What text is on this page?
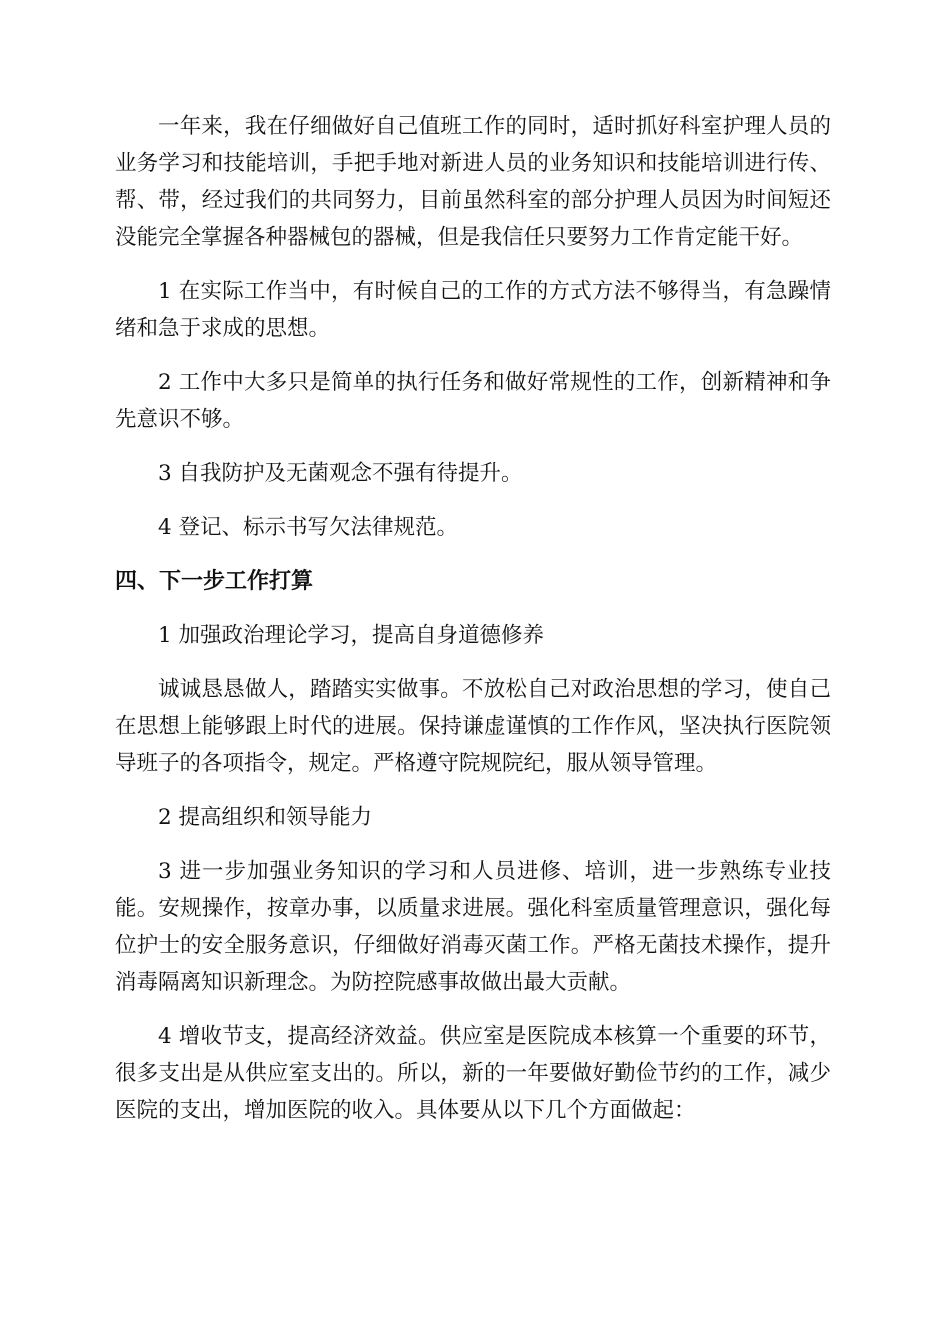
一年来，我在仔细做好自己值班工作的同时，适时抓好科室护理人员的业务学习和技能培训，手把手地对新进人员的业务知识和技能培训进行传、帮、带，经过我们的共同努力，目前虽然科室的部分护理人员因为时间短还没能完全掌握各种器械包的器械，但是我信任只要努力工作肯定能干好。

1 在实际工作当中，有时候自己的工作的方式方法不够得当，有急躁情绪和急于求成的思想。

2 工作中大多只是简单的执行任务和做好常规性的工作，创新精神和争先意识不够。

3 自我防护及无菌观念不强有待提升。

4 登记、标示书写欠法律规范。

四、下一步工作打算

1 加强政治理论学习，提高自身道德修养

诚诚恳恳做人，踏踏实实做事。不放松自己对政治思想的学习，使自己在思想上能够跟上时代的进展。保持谦虚谨慎的工作作风，坚决执行医院领导班子的各项指令，规定。严格遵守院规院纪，服从领导管理。

2 提高组织和领导能力

3 进一步加强业务知识的学习和人员进修、培训，进一步熟练专业技能。安规操作，按章办事，以质量求进展。强化科室质量管理意识，强化每位护士的安全服务意识，仔细做好消毒灭菌工作。严格无菌技术操作，提升消毒隔离知识新理念。为防控院感事故做出最大贡献。

4 增收节支，提高经济效益。供应室是医院成本核算一个重要的环节，很多支出是从供应室支出的。所以，新的一年要做好勤俭节约的工作，减少医院的支出，增加医院的收入。具体要从以下几个方面做起：
